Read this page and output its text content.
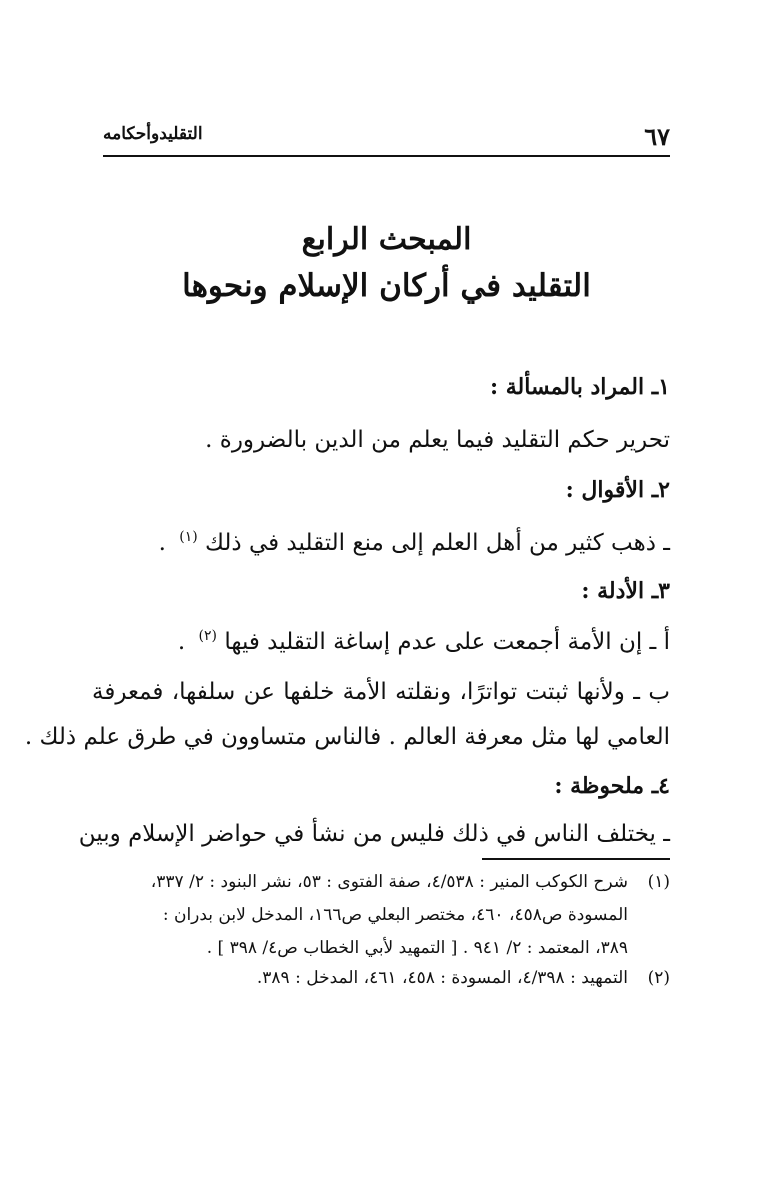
٦٧
التقليدوأحكامه
المبحث الرابع
التقليد في أركان الإسلام ونحوها
١ـ المراد بالمسألة :
تحرير حكم التقليد فيما يعلم من الدين بالضرورة .
٢ـ الأقوال :
ـ ذهب كثير من أهل العلم إلى منع التقليد في ذلك $^{(١)}$ .
٣ـ الأدلة :
أ ـ إن الأمة أجمعت على عدم إساغة التقليد فيها $^{(٢)}$ .
ب ـ ولأنها ثبتت تواترًا، ونقلته الأمة خلفها عن سلفها، فمعرفة
العامي لها مثل معرفة العالم . فالناس متساوون في طرق علم ذلك .
٤ـ ملحوظة :
ـ يختلف الناس في ذلك فليس من نشأ في حواضر الإسلام وبين
(١)
شرح الكوكب المنير : ٤/٥٣٨، صفة الفتوى : ٥٣، نشر البنود : ٢/ ٣٣٧،
المسودة ص٤٥٨، ٤٦٠، مختصر البعلي ص١٦٦، المدخل لابن بدران :
٣٨٩، المعتمد : ٢/ ٩٤١ . [ التمهيد لأبي الخطاب ص٤/ ٣٩٨ ] .
(٢)
التمهيد : ٤/٣٩٨، المسودة : ٤٥٨، ٤٦١، المدخل : ٣٨٩.
